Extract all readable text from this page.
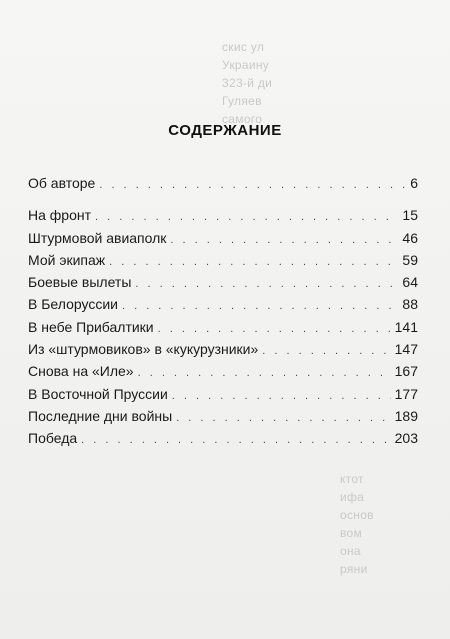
скис ул
Украину
323-й ди
Гуляев
самого
ктот
ифа
основ
вом
она
ряни
СОДЕРЖАНИЕ
Об авторе . . .	6
На фронт . . .	15
Штурмовой авиаполк . . .	46
Мой экипаж . . .	59
Боевые вылеты . . .	64
В Белоруссии . . .	88
В небе Прибалтики . . .	141
Из «штурмовиков» в «кукурузники» . . .	147
Снова на «Иле» . . .	167
В Восточной Пруссии . . .	177
Последние дни войны . . .	189
Победа . . .	203
